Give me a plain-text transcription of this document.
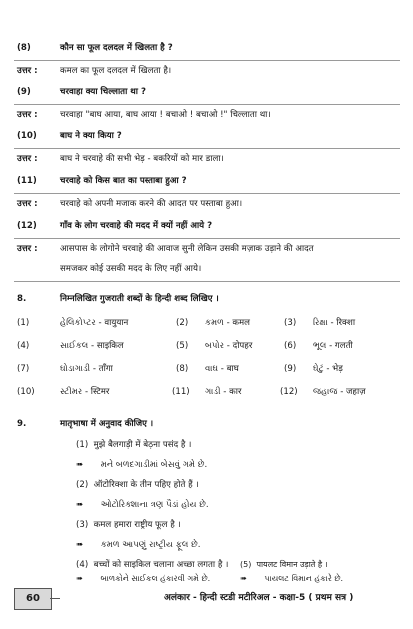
(8)	कौन सा फूल दलदल में खिलता है ?
उत्तर :	कमल का फूल दलदल में खिलता है।
(9)	चरवाहा क्या चिल्लाता था ?
उत्तर :	चरवाहा "बाघ आया, बाघ आया ! बचाओ ! बचाओ !" चिल्लाता था।
(10)	बाघ ने क्या किया ?
उत्तर :	बाघ ने चरवाहे की सभी भेड़ - बकरियों को मार डाला।
(11)	चरवाहे को किस बात का पस्ताबा हुआ ?
उत्तर :	चरवाहे को अपनी मजाक करने की आदत पर पस्ताबा हुआ।
(12)	गाँव के लोग चरवाहे की मदद में क्यों नहीं आये ?
उत्तर :	आसपास के लोगोने चरवाहे की आवाज सुनी लेकिन उसकी मज़ाक उड़ाने की आदत
समजकर कोई उसकी मदद के लिए नहीं आये।
8.	निम्नलिखित गुजराती शब्दों के हिन्दी शब्द लिखिए ।
(1)	હેલિકોપ્ટર - वायुयान	(2) કમળ - कमल	(3) રિક્ષા - रिक्शा
(4)	સાઈકલ - साइकिल	(5) બપોર - दोपहर	(6) ભૂલ - गलती
(7)	ઘોડાગાડી - ताँगा	(8) વાઘ - बाघ	(9) ઘેટું - भेड़
(10)	સ્ટીમર - स्टिमर	(11) ગાડી - कार	(12) જહાજ - जहाज़
9.	मातृभाषा में अनुवाद कीजिए ।
(1) मुझे बैलगाड़ी में बेठ़ना पसंद है ।
➠ મને બળદગાડીમાં બેસવું ગમે છે.
(2) ऑटोरिक्शा के तीन पहिए होते हैं ।
➠ ઓટોરિક્શાના ત્રણ પૈડાં હોય છે.
(3) कमल हमारा राष्ट्रीय फूल है ।
➠ કમળ આપણું રાષ્ટ્રીય ફૂલ છે.
(4) बच्चों को साइकिल चलाना अच्छा लगता है ।
➠ બાળકોને સાઈકલ હંકારવી ગમે છે.
(5) पायलट विमान उड़ाते है ।
➠ પાયલટ વિમાન હંકારે છે.
60	अलंकार - हिन्दी स्टडी मटीरिअल - कक्षा-5 ( प्रथम सत्र )
